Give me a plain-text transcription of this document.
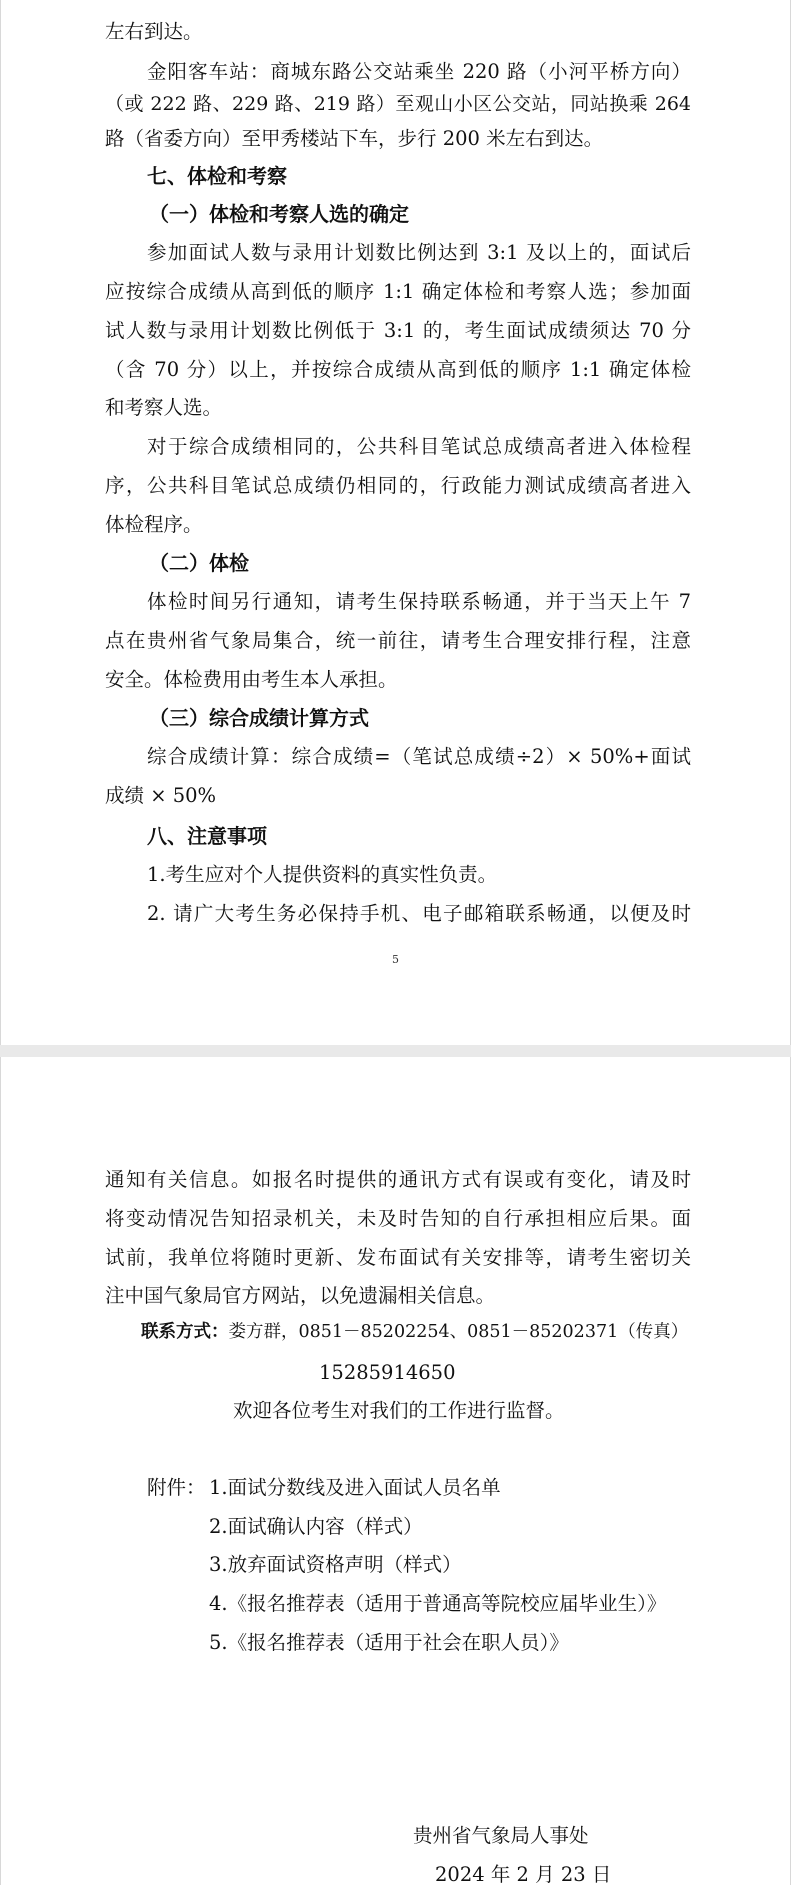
左右到达。
金阳客车站：商城东路公交站乘坐 220 路（小河平桥方向）
（或 222 路、229 路、219 路）至观山小区公交站，同站换乘 264
路（省委方向）至甲秀楼站下车，步行 200 米左右到达。
七、体检和考察
（一）体检和考察人选的确定
参加面试人数与录用计划数比例达到 3:1 及以上的，面试后
应按综合成绩从高到低的顺序 1:1 确定体检和考察人选；参加面
试人数与录用计划数比例低于 3:1 的，考生面试成绩须达 70 分
（含 70 分）以上，并按综合成绩从高到低的顺序 1:1 确定体检
和考察人选。
对于综合成绩相同的，公共科目笔试总成绩高者进入体检程
序，公共科目笔试总成绩仍相同的，行政能力测试成绩高者进入
体检程序。
（二）体检
体检时间另行通知，请考生保持联系畅通，并于当天上午 7
点在贵州省气象局集合，统一前往，请考生合理安排行程，注意
安全。体检费用由考生本人承担。
（三）综合成绩计算方式
综合成绩计算：综合成绩=（笔试总成绩÷2）× 50%+面试
成绩 × 50%
八、注意事项
1.考生应对个人提供资料的真实性负责。
2. 请广大考生务必保持手机、电子邮箱联系畅通，以便及时
5
通知有关信息。如报名时提供的通讯方式有误或有变化，请及时
将变动情况告知招录机关，未及时告知的自行承担相应后果。面
试前，我单位将随时更新、发布面试有关安排等，请考生密切关
注中国气象局官方网站，以免遗漏相关信息。
联系方式：娄方群，0851－85202254、0851－85202371（传真）
15285914650
欢迎各位考生对我们的工作进行监督。
附件： 1.面试分数线及进入面试人员名单
2.面试确认内容（样式）
3.放弃面试资格声明（样式）
4.《报名推荐表（适用于普通高等院校应届毕业生）》
5.《报名推荐表（适用于社会在职人员）》
贵州省气象局人事处
2024 年 2 月 23 日
